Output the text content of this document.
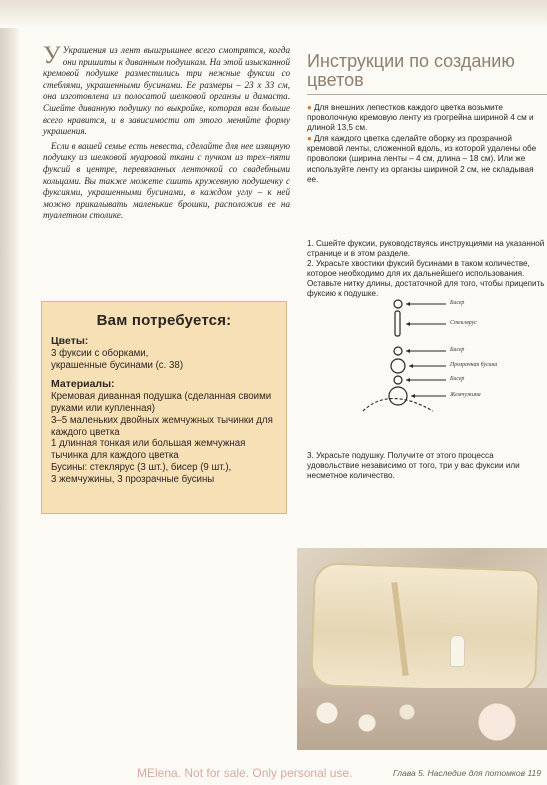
У Украшения из лент выигрышнее всего смотрятся, когда они пришиты к диванным подушкам. На этой изысканной кремовой подушке разместились три нежные фуксии со стеблями, украшенными бусинами. Ее размеры – 23 х 33 см, она изготовлена из полосатой шелковой органзы и дамаста. Сшейте диванную подушку по выкройке, которая вам больше всего нравится, и в зависимости от этого меняйте форму украшения.

Если в вашей семье есть невеста, сделайте для нее изящную подушку из шелковой муаровой ткани с пучком из трех–пяти фуксий в центре, перевязанных ленточкой со свадебными кольцами. Вы также можете сшить кружевную подушечку с фуксиями, украшенными бусинами, в каждом углу – к ней можно прикалывать маленькие брошки, расположив ее на туалетном столике.

Вам потребуется:
Цветы:
3 фуксии с оборками,
украшенные бусинами (с. 38)
Материалы:
Кремовая диванная подушка (сделанная своими руками или купленная)
3–5 маленьких двойных жемчужных тычинки для каждого цветка
1 длинная тонкая или большая жемчужная тычинка для каждого цветка
Бусины: стеклярус (3 шт.), бисер (9 шт.),
3 жемчужины, 3 прозрачные бусины
Инструкции по созданию цветов

● Для внешних лепестков каждого цветка возьмите проволочную кремовую ленту из грогрейна шириной 4 см и длиной 13,5 см.

● Для каждого цветка сделайте оборку из прозрачной кремовой ленты, сложенной вдоль, из которой удалены обе проволоки (ширина ленты – 4 см, длина – 18 см). Или же используйте ленту из органзы шириной 2 см, не складывая ее.

1. Сшейте фуксии, руководствуясь инструкциями на указанной странице и в этом разделе.

2. Украсьте хвостики фуксий бусинами в таком количестве, которое необходимо для их дальнейшего использования. Оставьте нитку длины, достаточной для того, чтобы прицепить фуксию к подушке.

Бисер
Стеклярус
Бисер
Прозрачная бусина
Бисер
Жемчужина
3. Украсьте подушку. Получите от этого процесса удовольствие независимо от того, три у вас фуксии или несметное количество.
MElena. Not for sale. Only personal use.	Глава 5. Наследие для потомков 119
